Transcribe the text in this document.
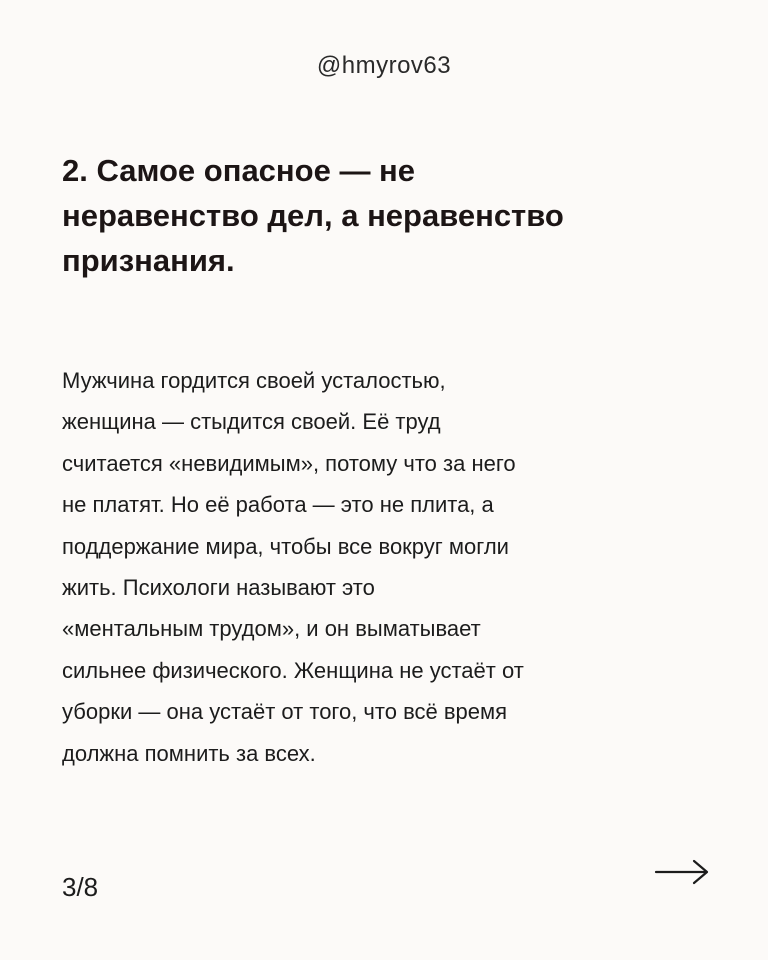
@hmyrov63
2. Самое опасное — не
неравенство дел, а неравенство
признания.

Мужчина гордится своей усталостью,
женщина — стыдится своей. Её труд
считается «невидимым», потому что за него
не платят. Но её работа — это не плита, а
поддержание мира, чтобы все вокруг могли
жить. Психологи называют это
«ментальным трудом», и он выматывает
сильнее физического. Женщина не устаёт от
уборки — она устаёт от того, что всё время
должна помнить за всех.

3/8
